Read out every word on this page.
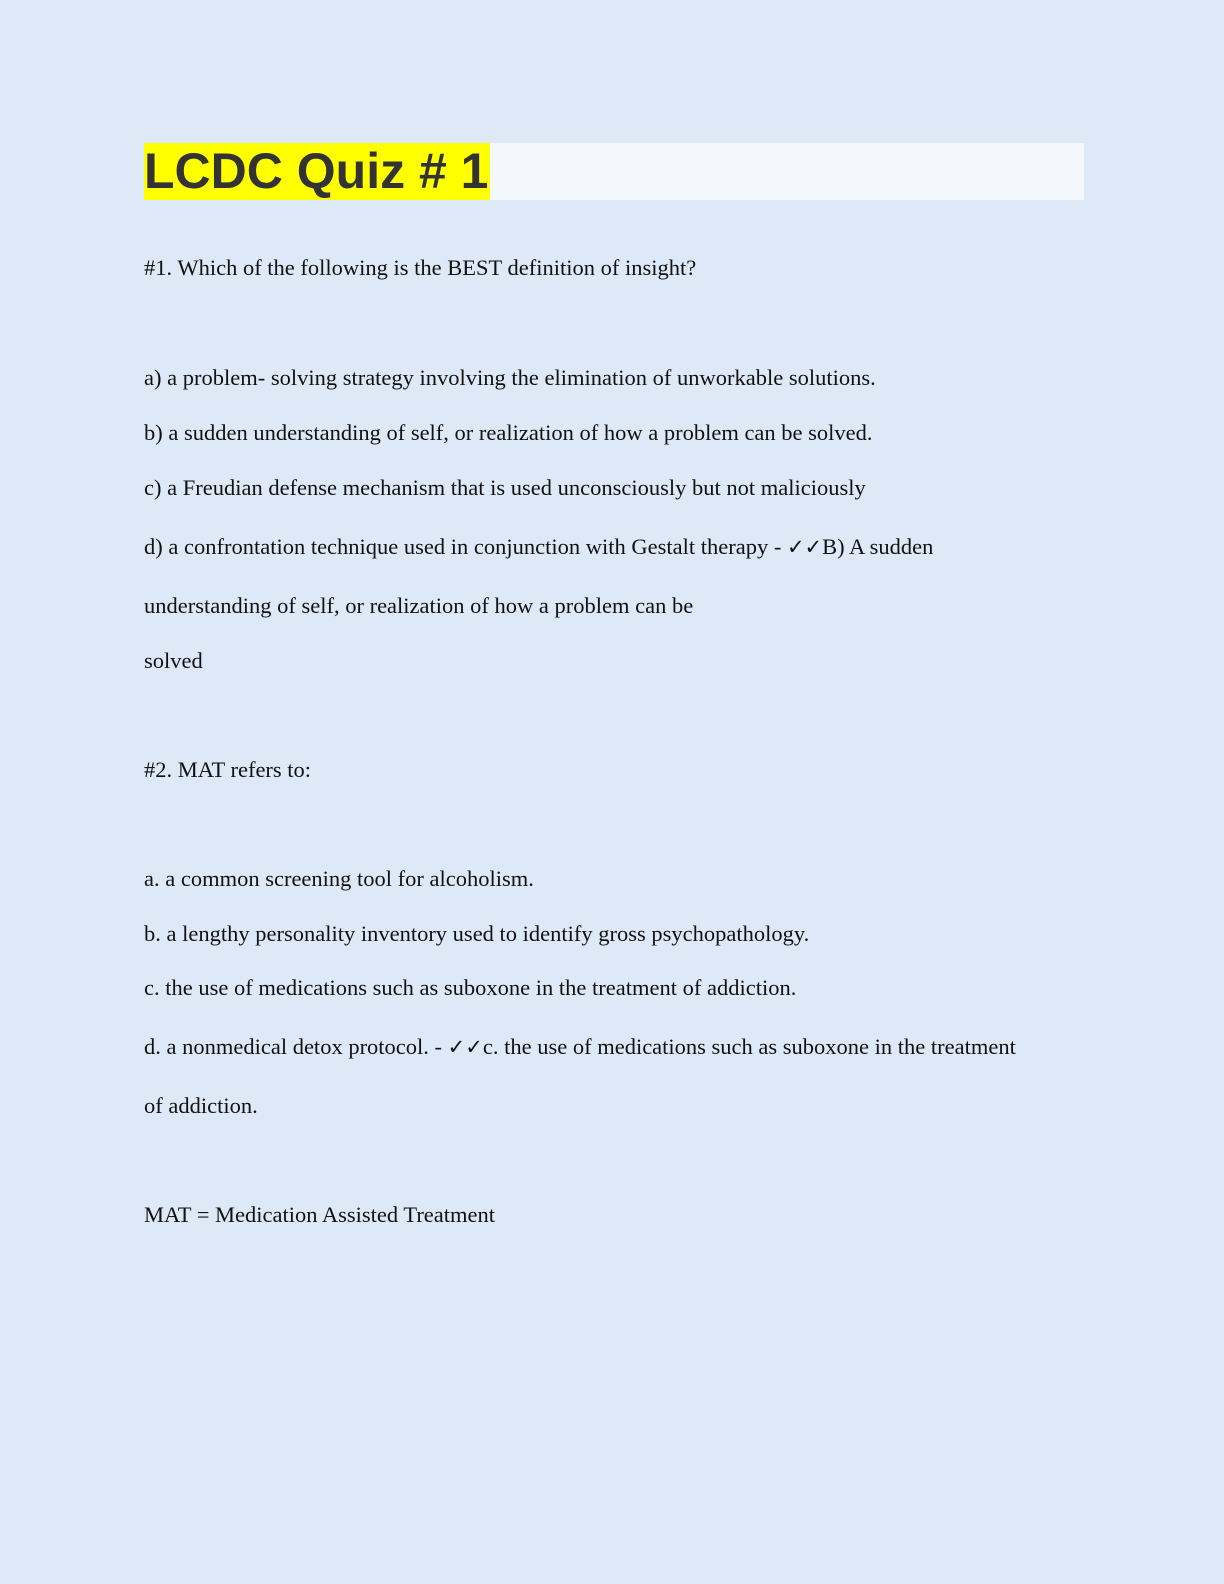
LCDC Quiz # 1
#1. Which of the following is the BEST definition of insight?
a) a problem- solving strategy involving the elimination of unworkable solutions.
b) a sudden understanding of self, or realization of how a problem can be solved.
c) a Freudian defense mechanism that is used unconsciously but not maliciously
d) a confrontation technique used in conjunction with Gestalt therapy - ✓✓B) A sudden
understanding of self, or realization of how a problem can be
solved
#2. MAT refers to:
a. a common screening tool for alcoholism.
b. a lengthy personality inventory used to identify gross psychopathology.
c. the use of medications such as suboxone in the treatment of addiction.
d. a nonmedical detox protocol. - ✓✓c. the use of medications such as suboxone in the treatment
of addiction.
MAT = Medication Assisted Treatment
